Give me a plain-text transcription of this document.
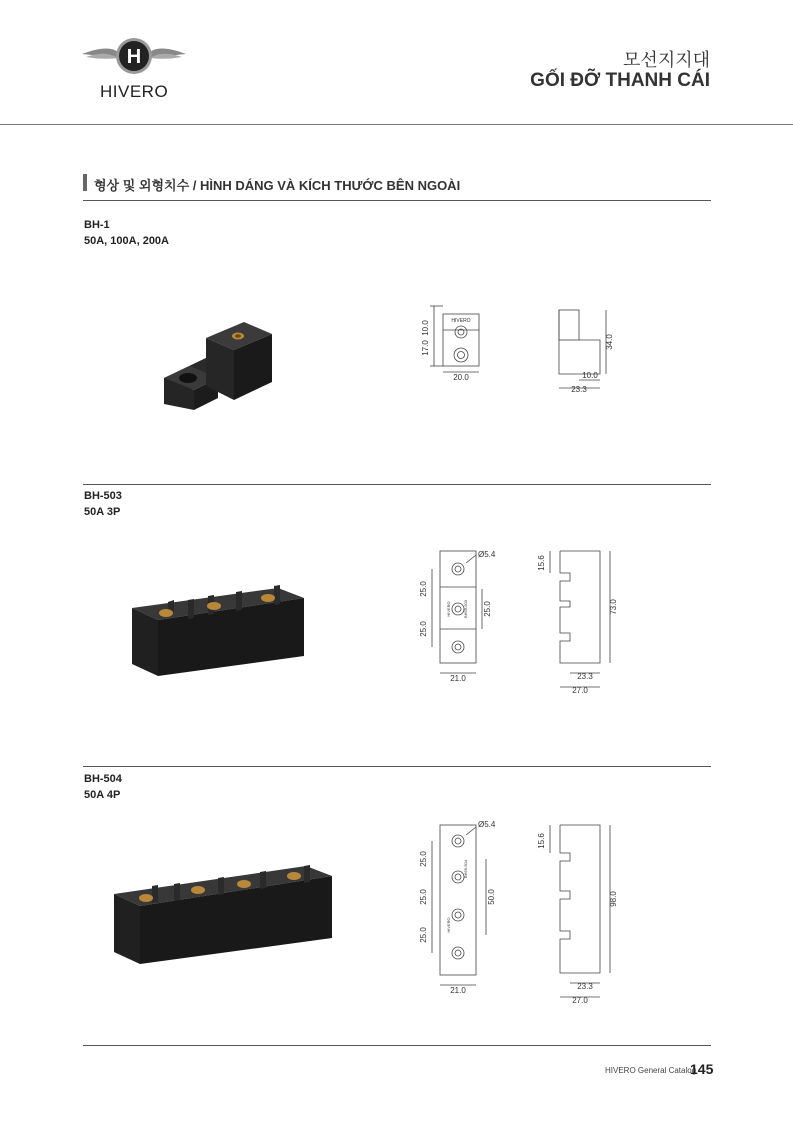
H
HIVERO
모선지지대
GỐI ĐỠ THANH CÁI
형상 및 외형치수 / HÌNH DÁNG VÀ KÍCH THƯỚC BÊN NGOÀI
BH-1
50A, 100A, 200A
HIVERO
10.0
17.0
20.0
34.0
10.0
23.3
BH-503
50A 3P
Ø5.4
25.0
25.0
25.0
HIVERO	BH59-503
21.0
15.6
73.0
23.3
27.0
BH-504
50A 4P
Ø5.4
25.0
25.0
25.0
50.0
HIVERO
BH59-504
21.0
15.6
98.0
23.3
27.0
HIVERO General Catalog
145
